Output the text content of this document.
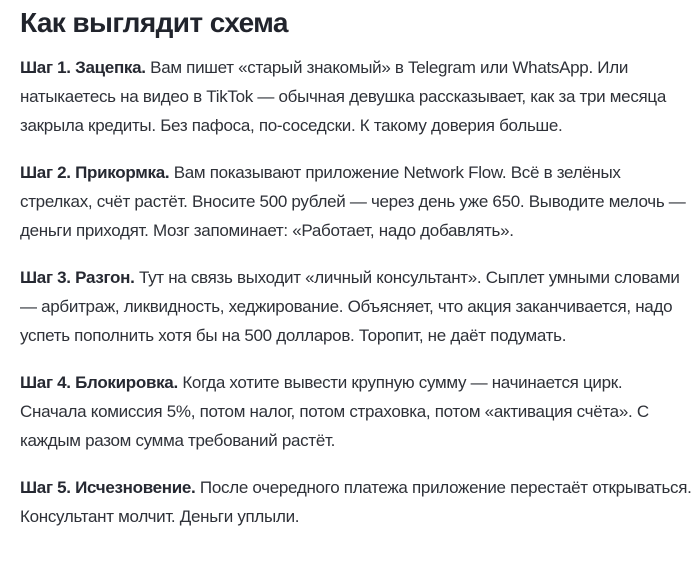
Как выглядит схема

Шаг 1. Зацепка. Вам пишет «старый знакомый» в Telegram или WhatsApp. Или натыкаетесь на видео в TikTok — обычная девушка рассказывает, как за три месяца закрыла кредиты. Без пафоса, по-соседски. К такому доверия больше.

Шаг 2. Прикормка. Вам показывают приложение Network Flow. Всё в зелёных стрелках, счёт растёт. Вносите 500 рублей — через день уже 650. Выводите мелочь — деньги приходят. Мозг запоминает: «Работает, надо добавлять».

Шаг 3. Разгон. Тут на связь выходит «личный консультант». Сыплет умными словами — арбитраж, ликвидность, хеджирование. Объясняет, что акция заканчивается, надо успеть пополнить хотя бы на 500 долларов. Торопит, не даёт подумать.

Шаг 4. Блокировка. Когда хотите вывести крупную сумму — начинается цирк. Сначала комиссия 5%, потом налог, потом страховка, потом «активация счёта». С каждым разом сумма требований растёт.

Шаг 5. Исчезновение. После очередного платежа приложение перестаёт открываться. Консультант молчит. Деньги уплыли.
